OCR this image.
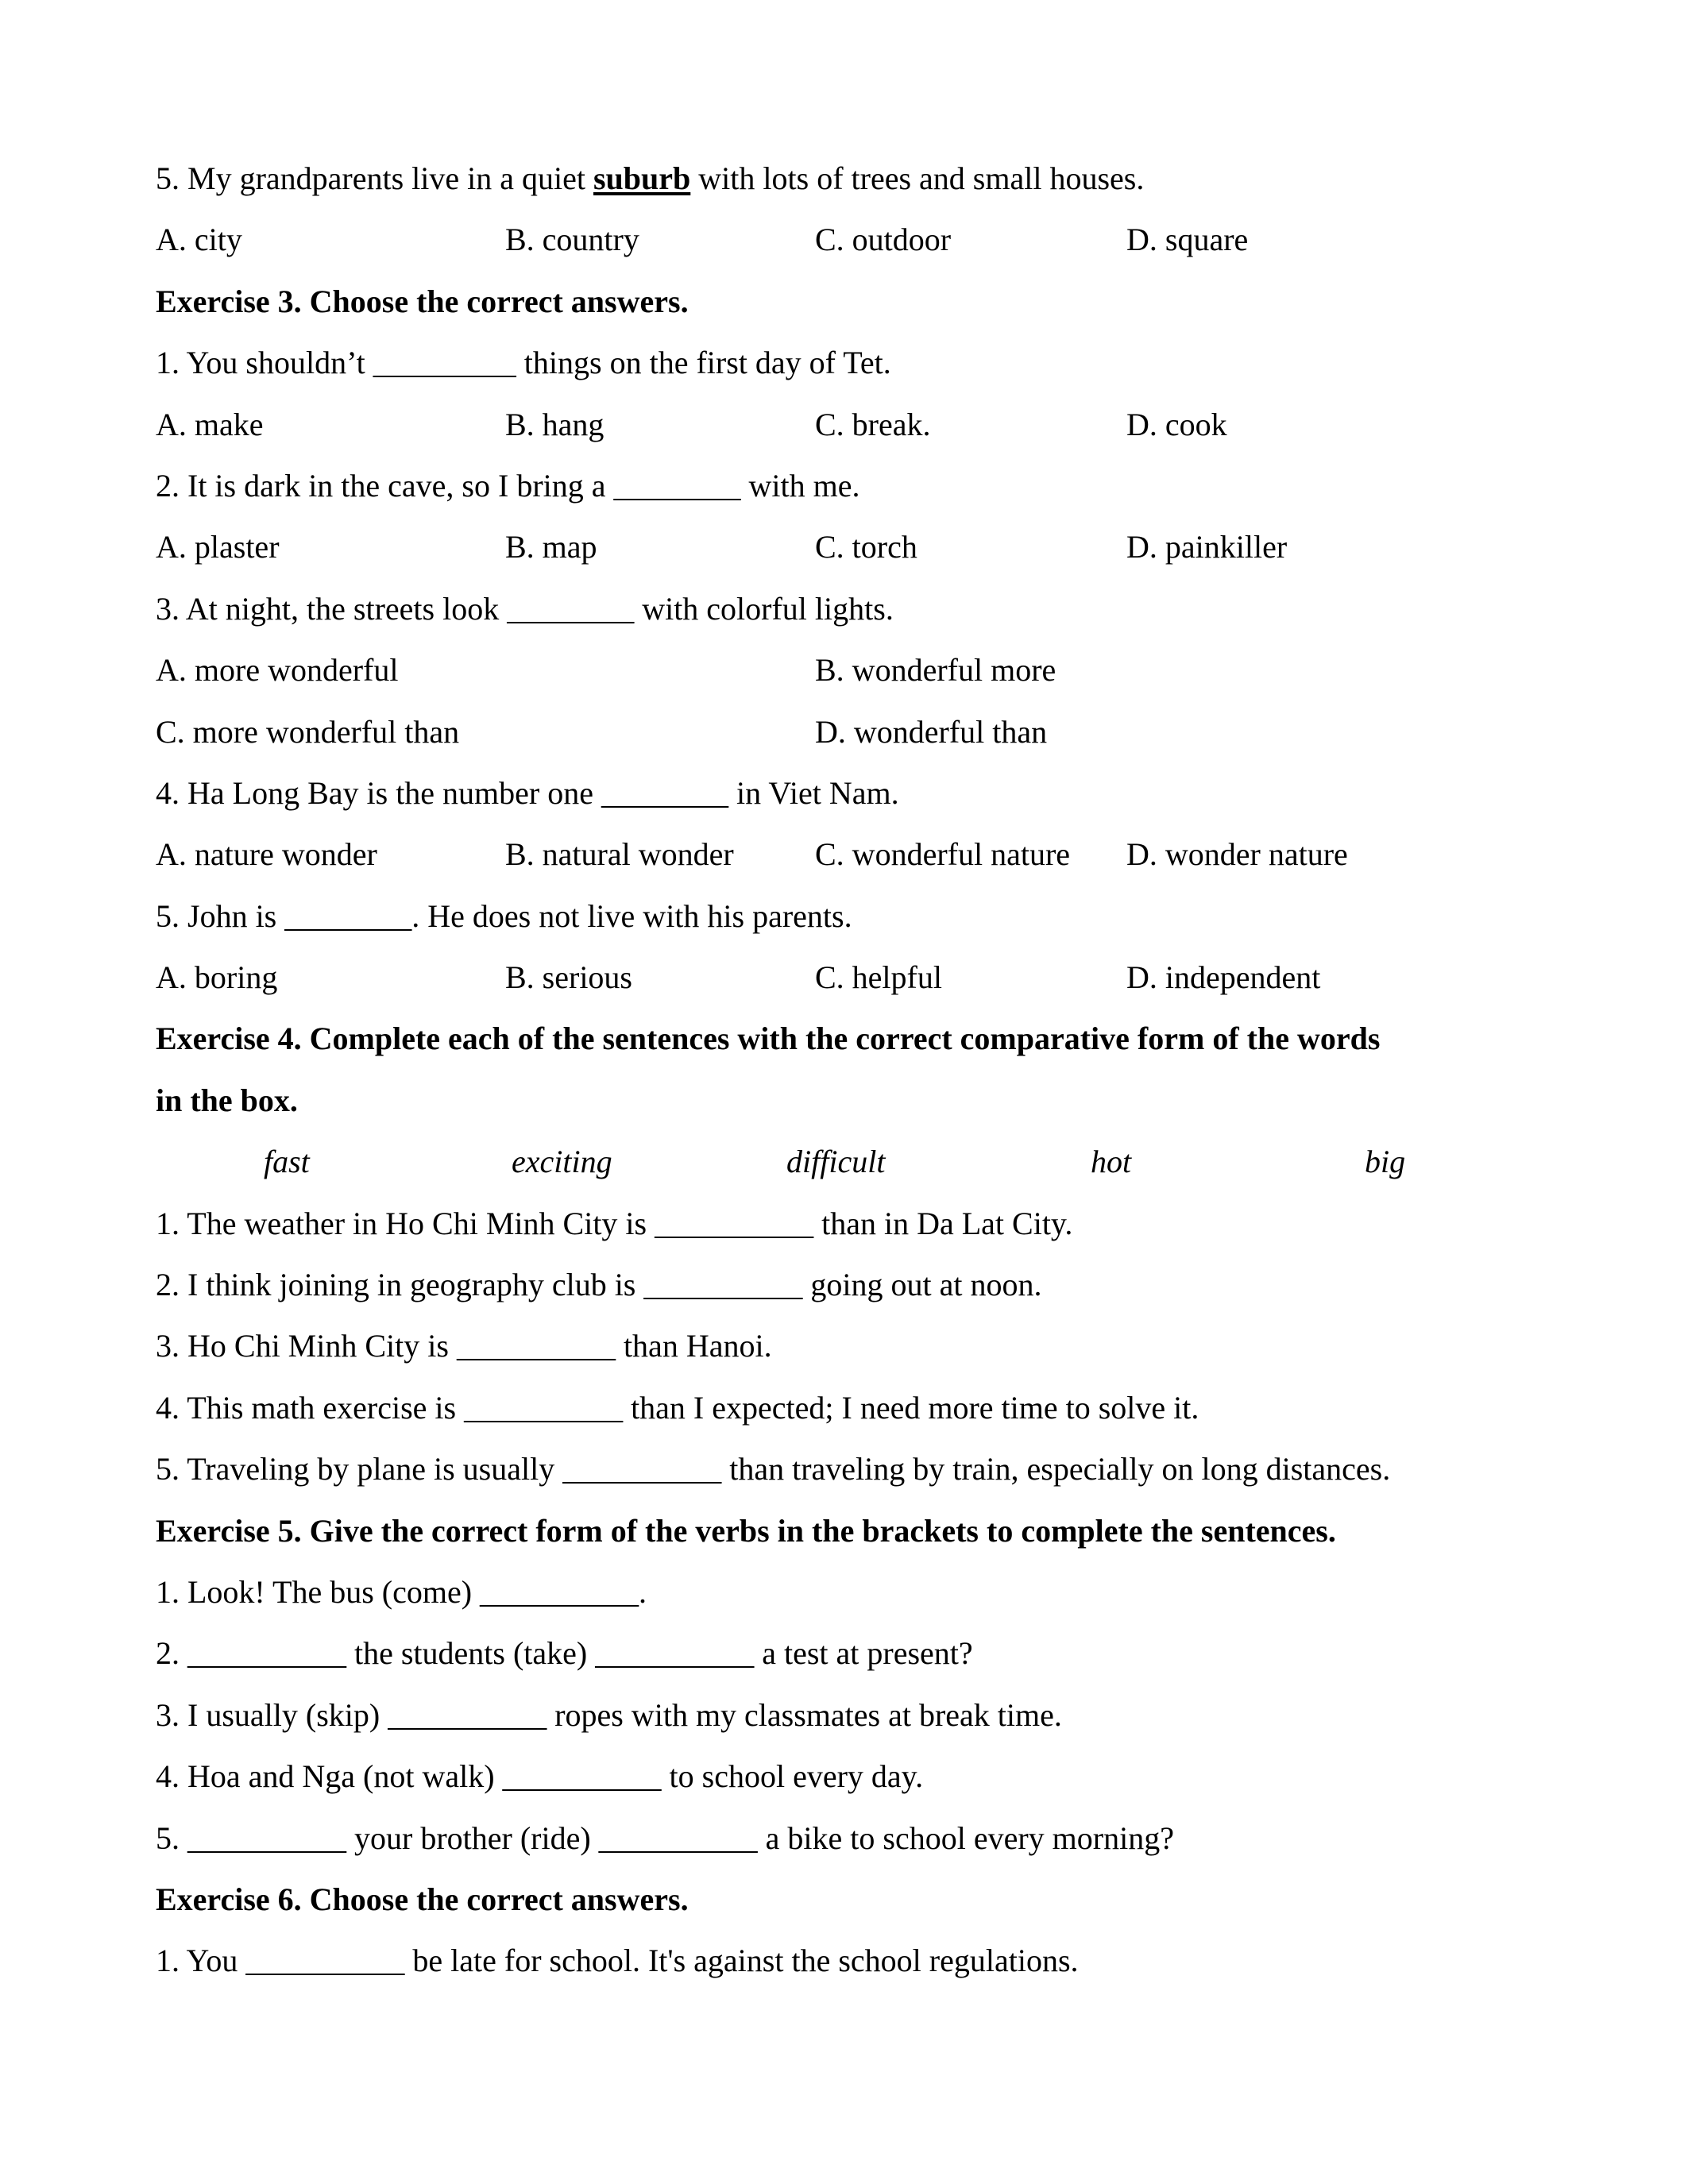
5. My grandparents live in a quiet suburb with lots of trees and small houses.
A. city	B. country	C. outdoor	D. square
Exercise 3. Choose the correct answers.
1. You shouldn’t _________ things on the first day of Tet.
A. make	B. hang	C. break.	D. cook
2. It is dark in the cave, so I bring a ________ with me.
A. plaster	B. map	C. torch	D. painkiller
3. At night, the streets look ________ with colorful lights.
A. more wonderful	B. wonderful more
C. more wonderful than	D. wonderful than
4. Ha Long Bay is the number one ________ in Viet Nam.
A. nature wonder	B. natural wonder	C. wonderful nature D. wonder nature
5. John is ________. He does not live with his parents.
A. boring	B. serious	C. helpful	D. independent
Exercise 4. Complete each of the sentences with the correct comparative form of the words
in the box.
fast	exciting	difficult	hot	big
1. The weather in Ho Chi Minh City is __________ than in Da Lat City.
2. I think joining in geography club is __________ going out at noon.
3. Ho Chi Minh City is __________ than Hanoi.
4. This math exercise is __________ than I expected; I need more time to solve it.
5. Traveling by plane is usually __________ than traveling by train, especially on long distances.
Exercise 5. Give the correct form of the verbs in the brackets to complete the sentences.
1. Look! The bus (come) __________.
2. __________ the students (take) __________ a test at present?
3. I usually (skip) __________ ropes with my classmates at break time.
4. Hoa and Nga (not walk) __________ to school every day.
5. __________ your brother (ride) __________ a bike to school every morning?
Exercise 6. Choose the correct answers.
1. You __________ be late for school. It's against the school regulations.
